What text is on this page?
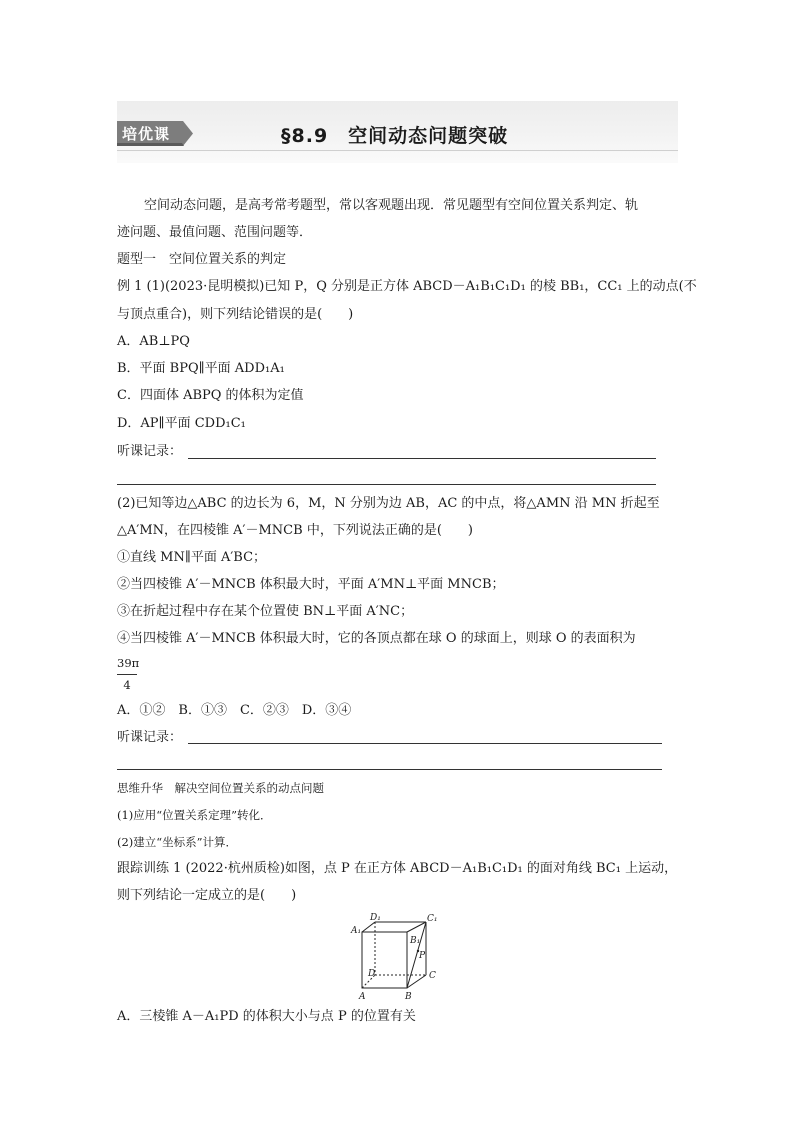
培优课	§8.9　空间动态问题突破
空间动态问题，是高考常考题型，常以客观题出现．常见题型有空间位置关系判定、轨
迹问题、最值问题、范围问题等．
题型一　空间位置关系的判定
例 1 (1)(2023·昆明模拟)已知 P，Q 分别是正方体 ABCD－A₁B₁C₁D₁ 的棱 BB₁，CC₁ 上的动点(不
与顶点重合)，则下列结论错误的是(　　)
A．AB⊥PQ
B．平面 BPQ∥平面 ADD₁A₁
C．四面体 ABPQ 的体积为定值
D．AP∥平面 CDD₁C₁
听课记录：
(2)已知等边△ABC 的边长为 6，M，N 分别为边 AB，AC 的中点，将△AMN 沿 MN 折起至
△A′MN，在四棱锥 A′－MNCB 中，下列说法正确的是(　　)
①直线 MN∥平面 A′BC；
②当四棱锥 A′－MNCB 体积最大时，平面 A′MN⊥平面 MNCB；
③在折起过程中存在某个位置使 BN⊥平面 A′NC；
④当四棱锥 A′－MNCB 体积最大时，它的各顶点都在球 O 的球面上，则球 O 的表面积为
39π
4
A．①②　B．①③　C．②③　D．③④
听课记录：
思维升华　解决空间位置关系的动点问题
(1)应用“位置关系定理”转化．
(2)建立“坐标系”计算．
跟踪训练 1 (2022·杭州质检)如图，点 P 在正方体 ABCD－A₁B₁C₁D₁ 的面对角线 BC₁ 上运动，
则下列结论一定成立的是(　　)
D₁	C₁
A₁
B₁
P
D	C
A	B
A．三棱锥 A－A₁PD 的体积大小与点 P 的位置有关
